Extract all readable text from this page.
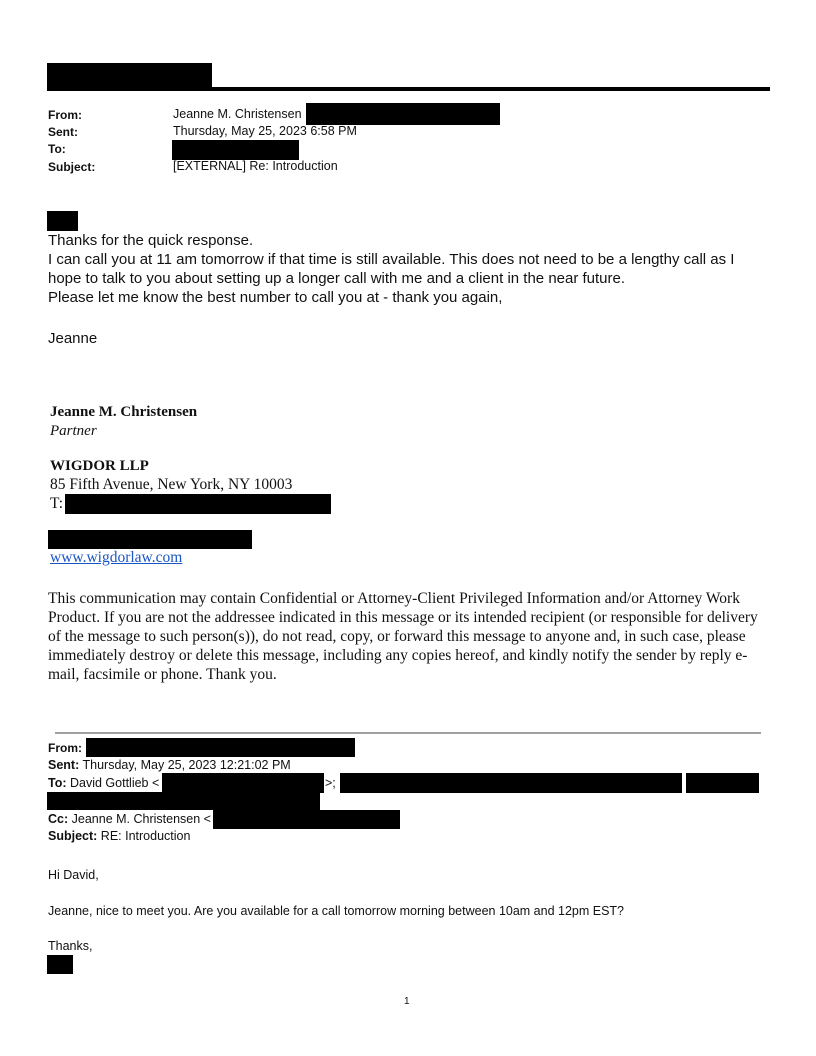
From:	Jeanne M. Christensen
Sent:	Thursday, May 25, 2023 6:58 PM
To:
Subject:	[EXTERNAL] Re: Introduction
Thanks for the quick response.
I can call you at 11 am tomorrow if that time is still available. This does not need to be a lengthy call as I
hope to talk to you about setting up a longer call with me and a client in the near future.
Please let me know the best number to call you at - thank you again,
Jeanne
Jeanne M. Christensen
Partner
WIGDOR LLP
85 Fifth Avenue, New York, NY 10003
T:
www.wigdorlaw.com
This communication may contain Confidential or Attorney-Client Privileged Information and/or Attorney Work Product. If you are not the addressee indicated in this message or its intended recipient (or responsible for delivery of the message to such person(s)), do not read, copy, or forward this message to anyone and, in such case, please immediately destroy or delete this message, including any copies hereof, and kindly notify the sender by reply e-mail, facsimile or phone. Thank you.
From:
Sent: Thursday, May 25, 2023 12:21:02 PM
To: David Gottlieb <	>;
Cc: Jeanne M. Christensen <
Subject: RE: Introduction
Hi David,
Jeanne, nice to meet you. Are you available for a call tomorrow morning between 10am and 12pm EST?
Thanks,
1
